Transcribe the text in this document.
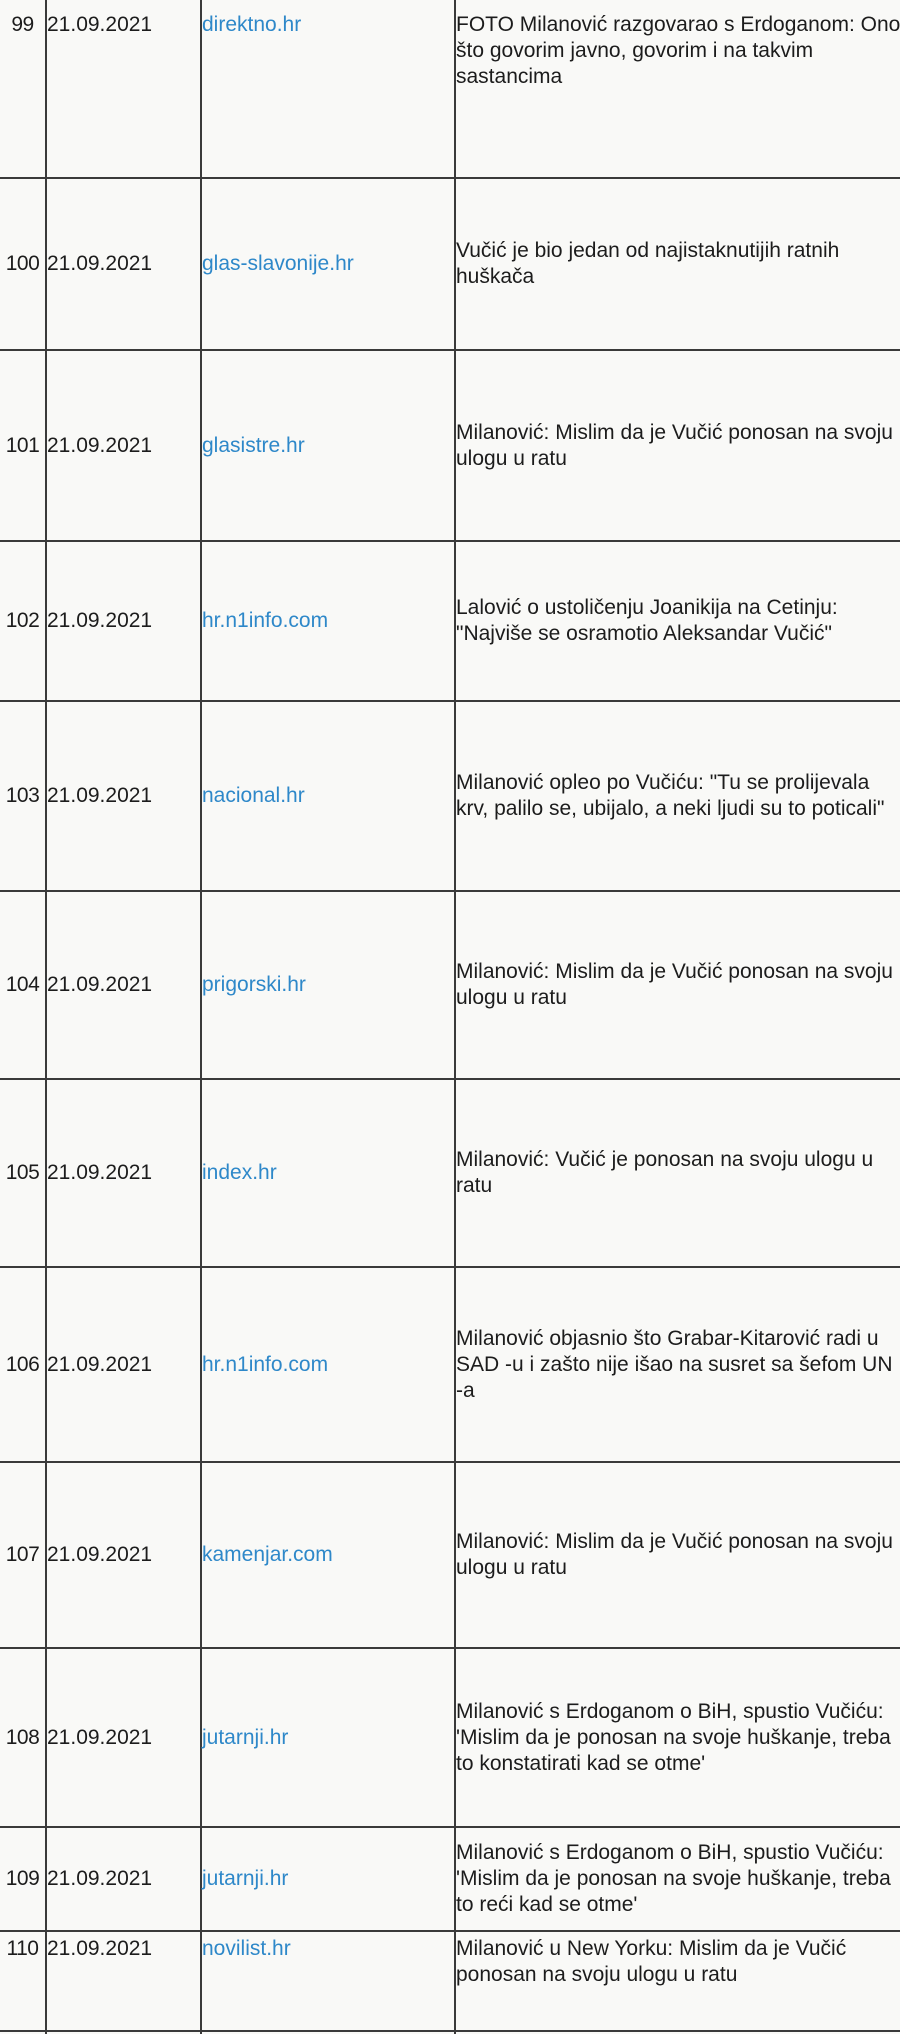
99	21.09.2021	direktno.hr	FOTO Milanović razgovarao s Erdoganom: Ono što govorim javno, govorim i na takvim sastancima
100	21.09.2021	glas-slavonije.hr	Vučić je bio jedan od najistaknutijih ratnih huškača
101	21.09.2021	glasistre.hr	Milanović: Mislim da je Vučić ponosan na svoju ulogu u ratu
102	21.09.2021	hr.n1info.com	Lalović o ustoličenju Joanikija na Cetinju: "Najviše se osramotio Aleksandar Vučić"
103	21.09.2021	nacional.hr	Milanović opleo po Vučiću: "Tu se prolijevala krv, palilo se, ubijalo, a neki ljudi su to poticali"
104	21.09.2021	prigorski.hr	Milanović: Mislim da je Vučić ponosan na svoju ulogu u ratu
105	21.09.2021	index.hr	Milanović: Vučić je ponosan na svoju ulogu u ratu
106	21.09.2021	hr.n1info.com	Milanović objasnio što Grabar-Kitarović radi u SAD -u i zašto nije išao na susret sa šefom UN -a
107	21.09.2021	kamenjar.com	Milanović: Mislim da je Vučić ponosan na svoju ulogu u ratu
108	21.09.2021	jutarnji.hr	Milanović s Erdoganom o BiH, spustio Vučiću: 'Mislim da je ponosan na svoje huškanje, treba to konstatirati kad se otme'
109	21.09.2021	jutarnji.hr	Milanović s Erdoganom o BiH, spustio Vučiću: 'Mislim da je ponosan na svoje huškanje, treba to reći kad se otme'
110	21.09.2021	novilist.hr	Milanović u New Yorku: Mislim da je Vučić ponosan na svoju ulogu u ratu
